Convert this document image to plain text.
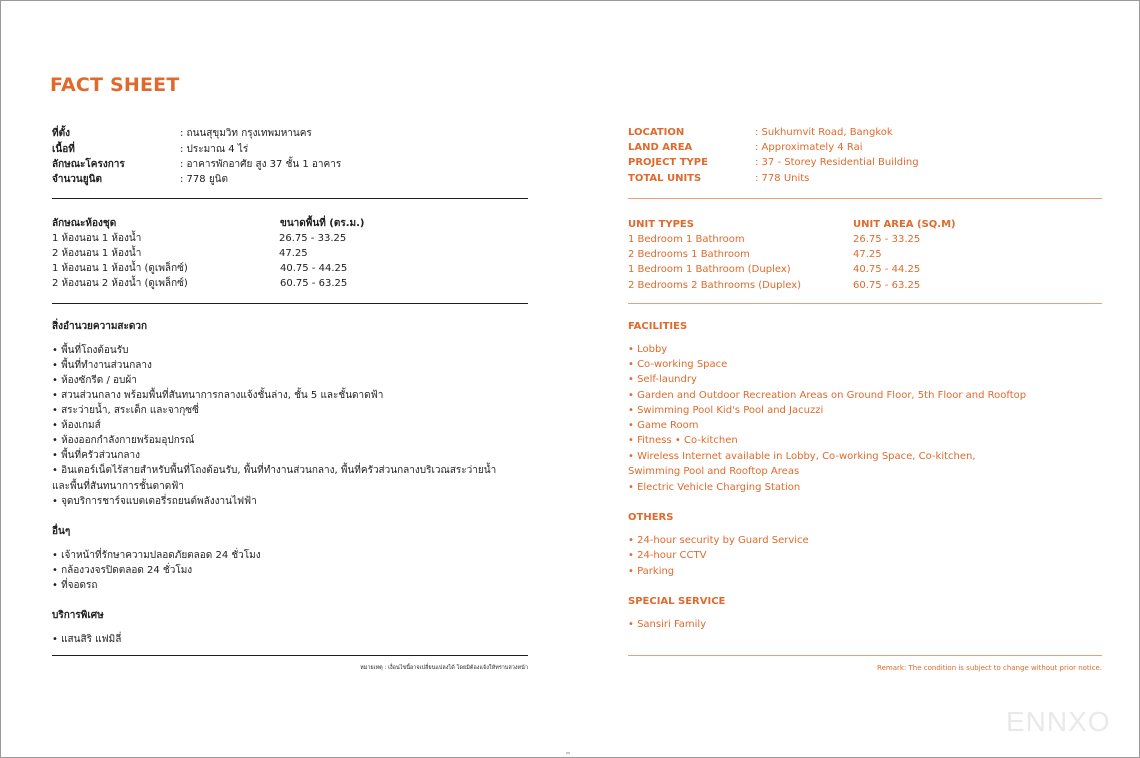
FACT SHEET
ที่ตั้ง	: ถนนสุขุมวิท กรุงเทพมหานคร
เนื้อที่	: ประมาณ 4 ไร่
ลักษณะโครงการ	: อาคารพักอาศัย สูง 37 ชั้น 1 อาคาร
จำนวนยูนิต	: 778 ยูนิต
ลักษณะห้องชุด	ขนาดพื้นที่ (ตร.ม.)
1 ห้องนอน 1 ห้องน้ำ	26.75 - 33.25
2 ห้องนอน 1 ห้องน้ำ	47.25
1 ห้องนอน 1 ห้องน้ำ (ดูเพล็กซ์)	40.75 - 44.25
2 ห้องนอน 2 ห้องน้ำ (ดูเพล็กซ์)	60.75 - 63.25
สิ่งอำนวยความสะดวก
• พื้นที่โถงต้อนรับ
• พื้นที่ทำงานส่วนกลาง
• ห้องซักรีด / อบผ้า
• สวนส่วนกลาง พร้อมพื้นที่สันทนาการกลางแจ้งชั้นล่าง, ชั้น 5 และชั้นดาดฟ้า
• สระว่ายน้ำ, สระเด็ก และจากุซซี่
• ห้องเกมส์
• ห้องออกกำลังกายพร้อมอุปกรณ์
• พื้นที่ครัวส่วนกลาง
• อินเตอร์เน็ตไร้สายสำหรับพื้นที่โถงต้อนรับ, พื้นที่ทำงานส่วนกลาง, พื้นที่ครัวส่วนกลางบริเวณสระว่ายน้ำ
และพื้นที่สันทนาการชั้นดาดฟ้า
• จุดบริการชาร์จแบตเตอรี่รถยนต์พลังงานไฟฟ้า
อื่นๆ
• เจ้าหน้าที่รักษาความปลอดภัยตลอด 24 ชั่วโมง
• กล้องวงจรปิดตลอด 24 ชั่วโมง
• ที่จอดรถ
บริการพิเศษ
• แสนสิริ แฟมิลี่
หมายเหตุ : เงื่อนไขนี้อาจเปลี่ยนแปลงได้ โดยมิต้องแจ้งให้ทราบล่วงหน้า
LOCATION	: Sukhumvit Road, Bangkok
LAND AREA	: Approximately 4 Rai
PROJECT TYPE	: 37 - Storey Residential Building
TOTAL UNITS	: 778 Units
UNIT TYPES	UNIT AREA (SQ.M)
1 Bedroom 1 Bathroom	26.75 - 33.25
2 Bedrooms 1 Bathroom	47.25
1 Bedroom 1 Bathroom (Duplex)	40.75 - 44.25
2 Bedrooms 2 Bathrooms (Duplex)	60.75 - 63.25
FACILITIES
• Lobby
• Co-working Space
• Self-laundry
• Garden and Outdoor Recreation Areas on Ground Floor, 5th Floor and Rooftop
• Swimming Pool Kid's Pool and Jacuzzi
• Game Room
• Fitness • Co-kitchen
• Wireless Internet available in Lobby, Co-working Space, Co-kitchen,
Swimming Pool and Rooftop Areas
• Electric Vehicle Charging Station
OTHERS
• 24-hour security by Guard Service
• 24-hour CCTV
• Parking
SPECIAL SERVICE
• Sansiri Family
Remark: The condition is subject to change without prior notice.
ENNXO
